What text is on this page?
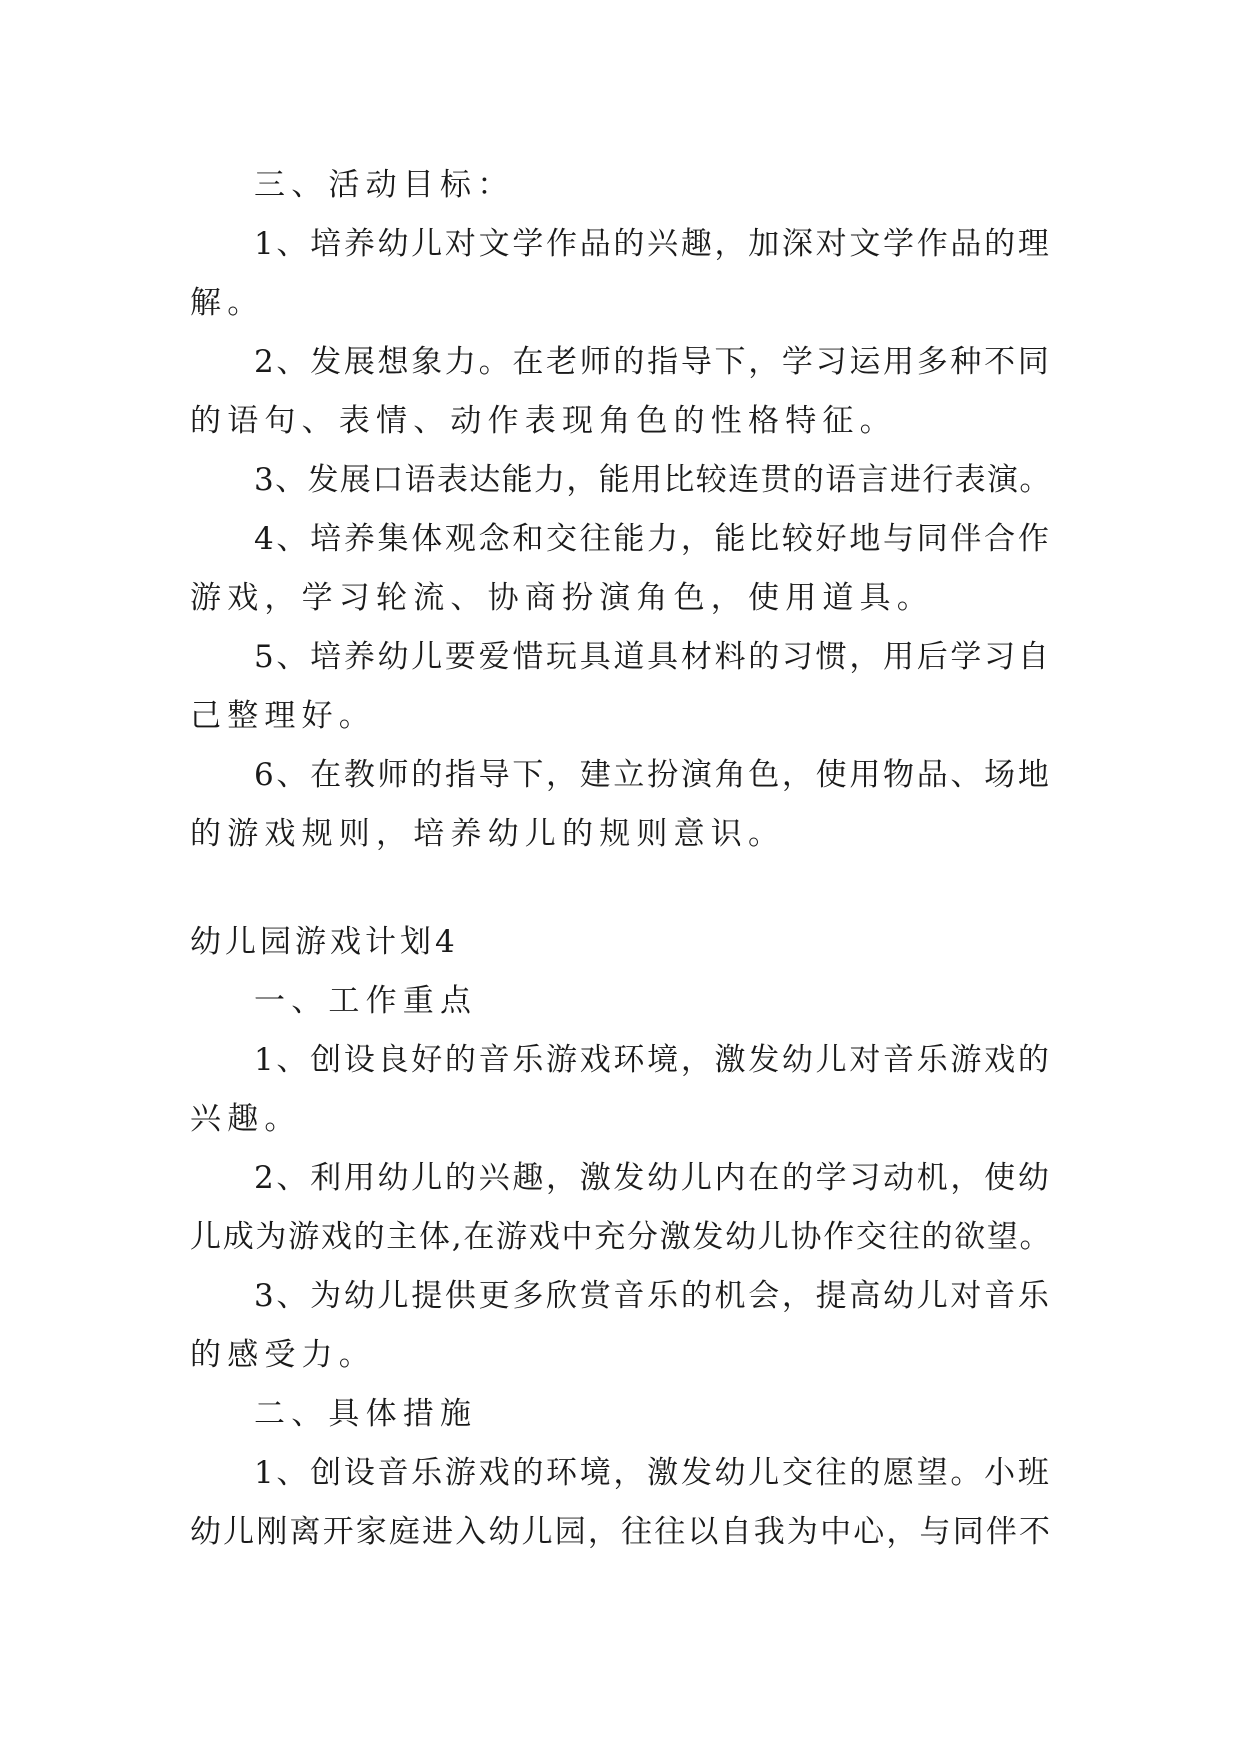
三、活动目标：

1、培养幼儿对文学作品的兴趣，加深对文学作品的理

解。

2、发展想象力。在老师的指导下，学习运用多种不同

的语句、表情、动作表现角色的性格特征。

3、发展口语表达能力，能用比较连贯的语言进行表演。

4、培养集体观念和交往能力，能比较好地与同伴合作

游戏，学习轮流、协商扮演角色，使用道具。

5、培养幼儿要爱惜玩具道具材料的习惯，用后学习自

己整理好。

6、在教师的指导下，建立扮演角色，使用物品、场地

的游戏规则，培养幼儿的规则意识。

幼儿园游戏计划4

一、工作重点

1、创设良好的音乐游戏环境，激发幼儿对音乐游戏的

兴趣。

2、利用幼儿的兴趣，激发幼儿内在的学习动机，使幼

儿成为游戏的主体,在游戏中充分激发幼儿协作交往的欲望。

3、为幼儿提供更多欣赏音乐的机会，提高幼儿对音乐

的感受力。

二、具体措施

1、创设音乐游戏的环境，激发幼儿交往的愿望。小班

幼儿刚离开家庭进入幼儿园，往往以自我为中心，与同伴不
